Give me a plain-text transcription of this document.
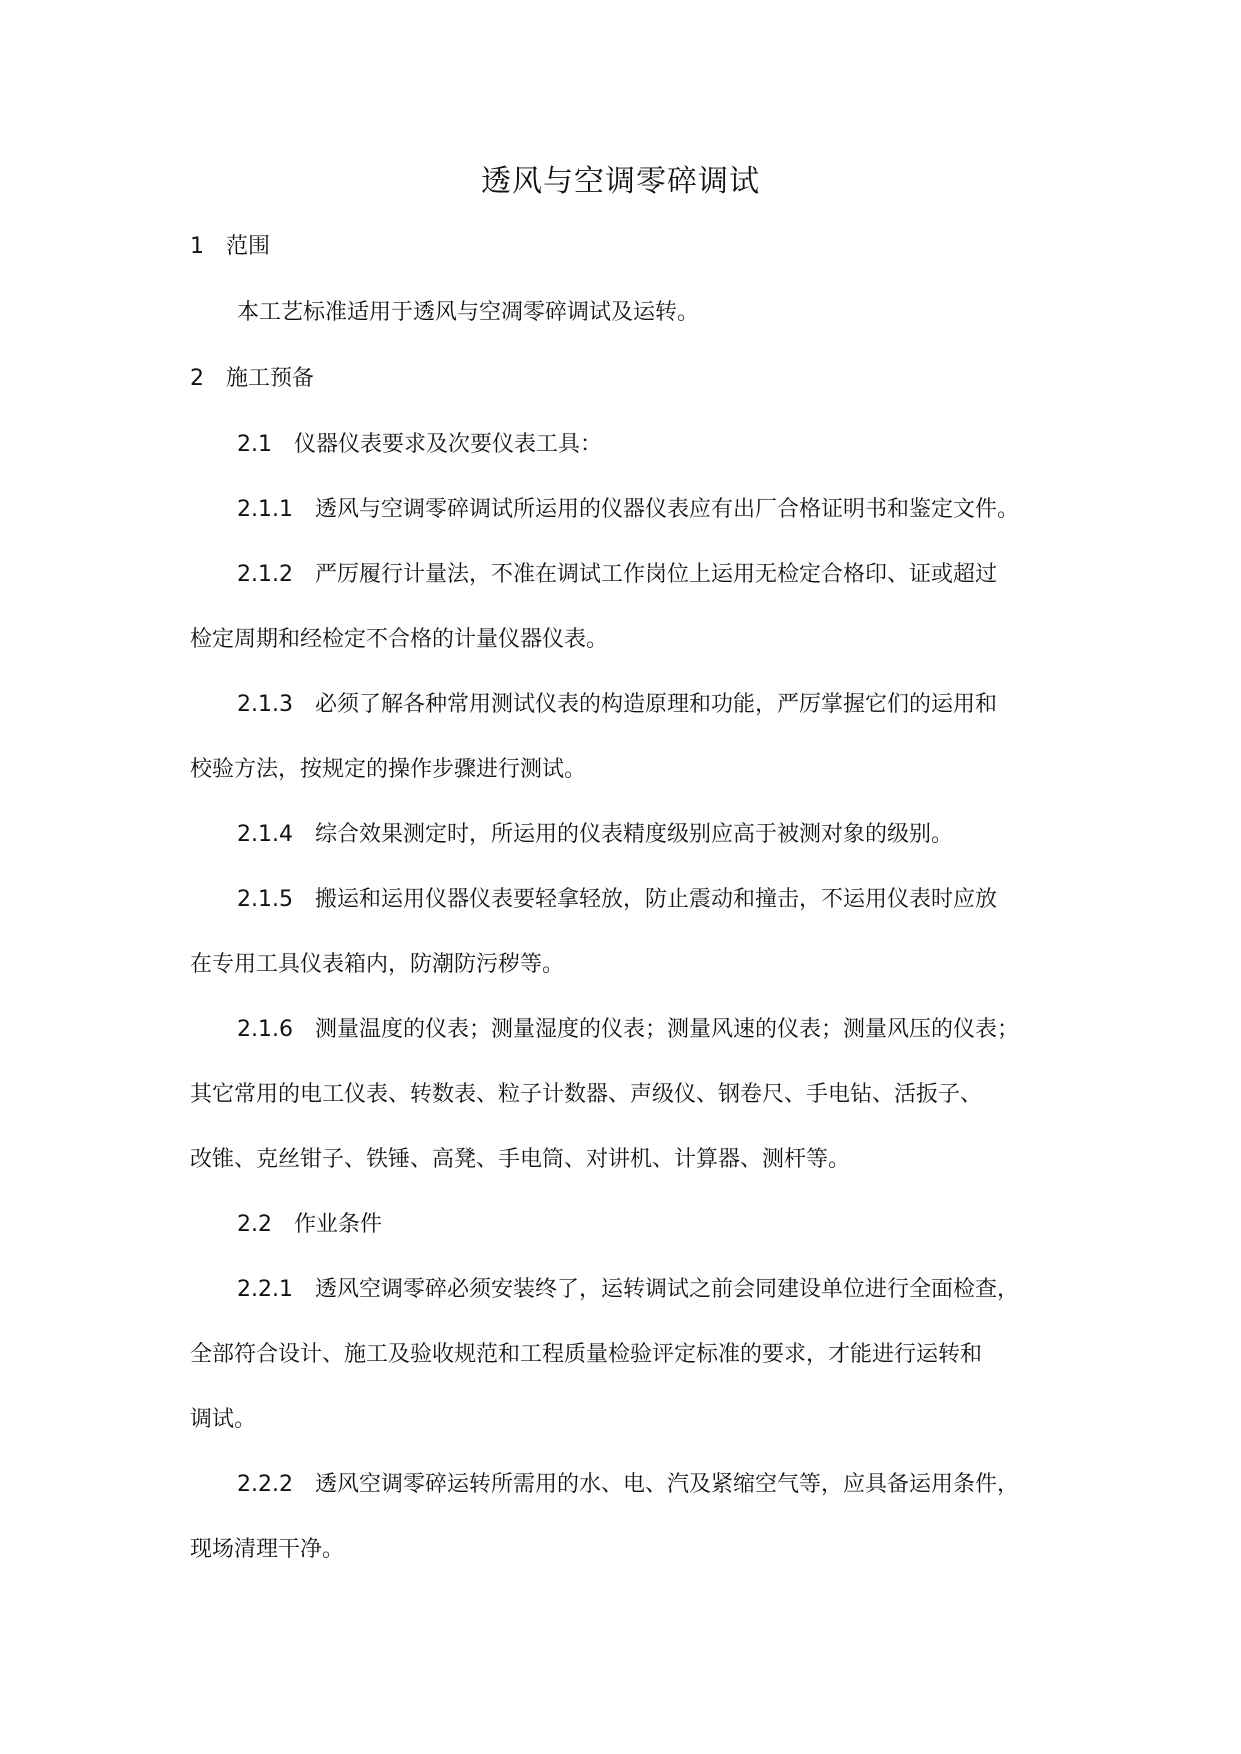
透风与空调零碎调试
1 范围
本工艺标准适用于透风与空凋零碎调试及运转。
2 施工预备
2.1 仪器仪表要求及次要仪表工具：
2.1.1 透风与空调零碎调试所运用的仪器仪表应有出厂合格证明书和鉴定文件。
2.1.2 严厉履行计量法，不准在调试工作岗位上运用无检定合格印、证或超过
检定周期和经检定不合格的计量仪器仪表。
2.1.3 必须了解各种常用测试仪表的构造原理和功能，严厉掌握它们的运用和
校验方法，按规定的操作步骤进行测试。
2.1.4 综合效果测定时，所运用的仪表精度级别应高于被测对象的级别。
2.1.5 搬运和运用仪器仪表要轻拿轻放，防止震动和撞击，不运用仪表时应放
在专用工具仪表箱内，防潮防污秽等。
2.1.6 测量温度的仪表；测量湿度的仪表；测量风速的仪表；测量风压的仪表；
其它常用的电工仪表、转数表、粒子计数器、声级仪、钢卷尺、手电钻、活扳子、
改锥、克丝钳子、铁锤、高凳、手电筒、对讲机、计算器、测杆等。
2.2 作业条件
2.2.1 透风空调零碎必须安装终了，运转调试之前会同建设单位进行全面检查，
全部符合设计、施工及验收规范和工程质量检验评定标准的要求，才能进行运转和
调试。
2.2.2 透风空调零碎运转所需用的水、电、汽及紧缩空气等，应具备运用条件，
现场清理干净。
